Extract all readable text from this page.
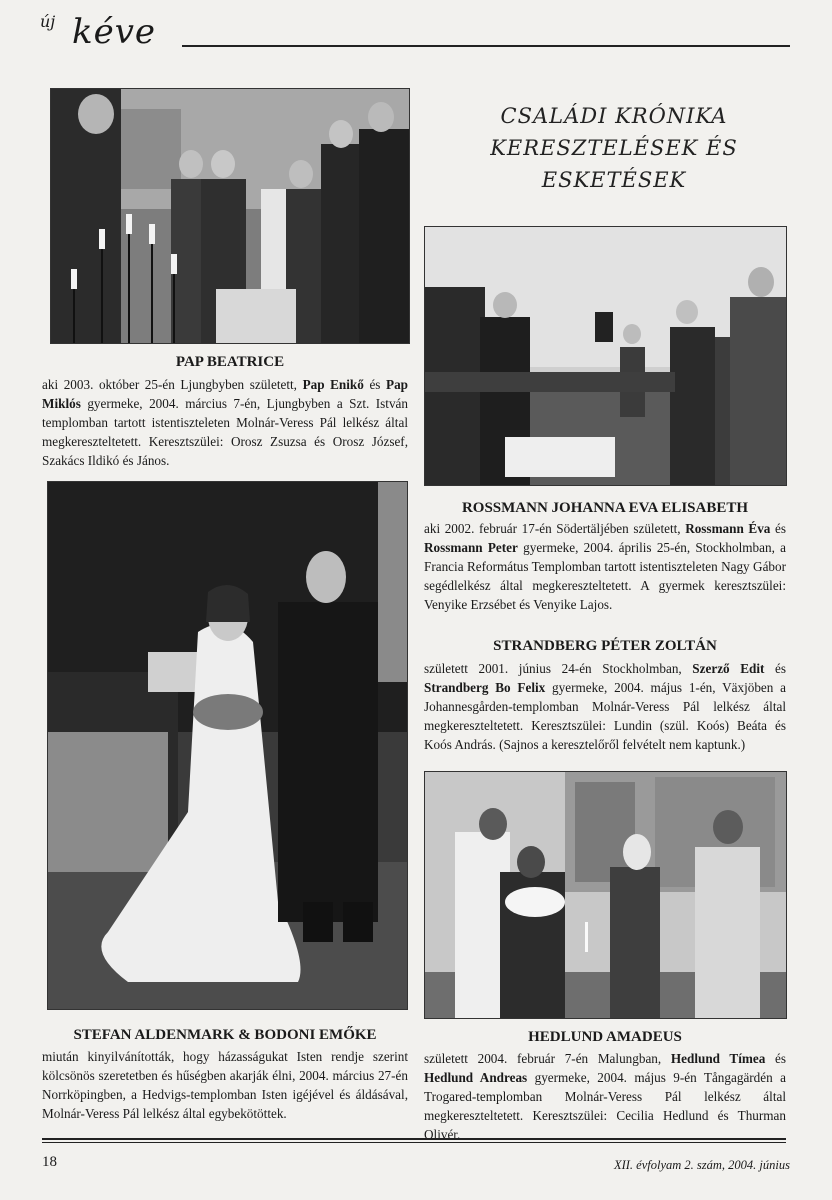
új kéve
CSALÁDI KRÓNIKA
KERESZTELÉSEK ÉS
ESKETÉSEK
PAP BEATRICE
aki 2003. október 25-én Ljungbyben született, Pap Enikő és Pap Miklós gyermeke, 2004. március 7-én, Ljungbyben a Szt. István templomban tartott istentiszteleten Molnár-Veress Pál lelkész által megkereszteltetett. Keresztszülei: Orosz Zsuzsa és Orosz József, Szakács Ildikó és János.
ROSSMANN JOHANNA EVA ELISABETH
aki 2002. február 17-én Södertäljében született, Rossmann Éva és Rossmann Peter gyermeke, 2004. április 25-én, Stockholmban, a Francia Református Templomban tartott istentiszteleten Nagy Gábor segédlelkész által megkereszteltetett. A gyermek keresztszülei: Venyike Erzsébet és Venyike Lajos.
STRANDBERG PÉTER ZOLTÁN
született 2001. június 24-én Stockholmban, Szerző Edit és Strandberg Bo Felix gyermeke, 2004. május 1-én, Växjöben a Johannesgården-templomban Molnár-Veress Pál lelkész által megkereszteltetett. Keresztszülei: Lundin (szül. Koós) Beáta és Koós András. (Sajnos a keresztelőről felvételt nem kaptunk.)
STEFAN ALDENMARK & BODONI EMŐKE
miután kinyilvánították, hogy házasságukat Isten rendje szerint kölcsönös szeretetben és hűségben akarják élni, 2004. március 27-én Norrköpingben, a Hedvigs-templomban Isten igéjével és áldásával, Molnár-Veress Pál lelkész által egybekötöttek.
HEDLUND AMADEUS
született 2004. február 7-én Malungban, Hedlund Tímea és Hedlund Andreas gyermeke, 2004. május 9-én Tångagärdén a Trogared-templomban Molnár-Veress Pál lelkész által megkereszteltetett. Keresztszülei: Cecilia Hedlund és Thurman Olivér.
18	XII. évfolyam 2. szám, 2004. június
